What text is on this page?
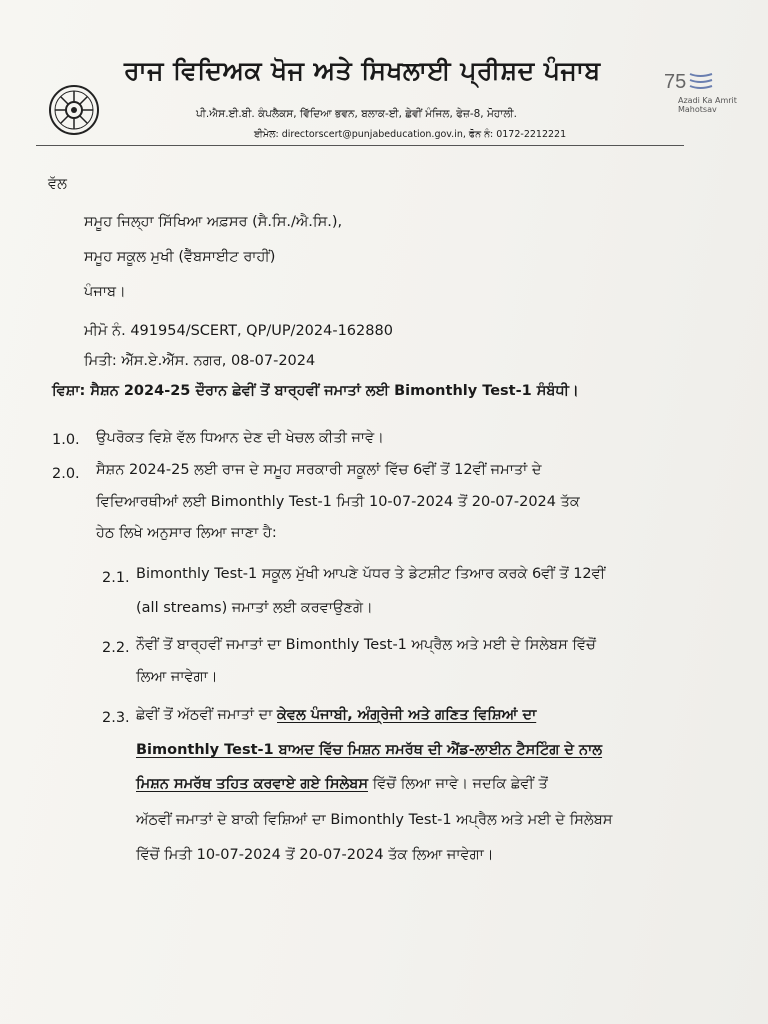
ਰਾਜ ਵਿਦਿਅਕ ਖੋਜ ਅਤੇ ਸਿਖਲਾਈ ਪ੍ਰੀਸ਼ਦ ਪੰਜਾਬ
ਪੀ.ਐਸ.ਈ.ਬੀ. ਕੰਪਲੈਕਸ, ਵਿੱਦਿਆ ਭਵਨ, ਬਲਾਕ-ਈ, ਛੇਵੀਂ ਮੰਜਿਲ, ਫੇਜ਼-8, ਮੋਹਾਲੀ.
ਈਮੇਲ: directorscert@punjabeducation.gov.in, ਫੋਨ ਨੰ: 0172-2212221
75
Azadi Ka Amrit Mahotsav
ਵੱਲ
ਸਮੂਹ ਜਿਲ੍ਹਾ ਸਿੱਖਿਆ ਅਫ਼ਸਰ (ਸੈ.ਸਿ./ਐ.ਸਿ.),
ਸਮੂਹ ਸਕੂਲ ਮੁਖੀ (ਵੈੱਬਸਾਈਟ ਰਾਹੀਂ)
ਪੰਜਾਬ।
ਮੀਮੋ ਨੰ. 491954/SCERT, QP/UP/2024-162880
ਮਿਤੀ: ਐੱਸ.ਏ.ਐੱਸ. ਨਗਰ, 08-07-2024
ਵਿਸ਼ਾ: ਸੈਸ਼ਨ 2024-25 ਦੌਰਾਨ ਛੇਵੀਂ ਤੋਂ ਬਾਰ੍ਹਵੀਂ ਜਮਾਤਾਂ ਲਈ Bimonthly Test-1 ਸੰਬੰਧੀ।
1.0. ਉਪਰੋਕਤ ਵਿਸ਼ੇ ਵੱਲ ਧਿਆਨ ਦੇਣ ਦੀ ਖੇਚਲ ਕੀਤੀ ਜਾਵੇ।
2.0. ਸੈਸ਼ਨ 2024-25 ਲਈ ਰਾਜ ਦੇ ਸਮੂਹ ਸਰਕਾਰੀ ਸਕੂਲਾਂ ਵਿੱਚ 6ਵੀਂ ਤੋਂ 12ਵੀਂ ਜਮਾਤਾਂ ਦੇ
ਵਿਦਿਆਰਥੀਆਂ ਲਈ Bimonthly Test-1 ਮਿਤੀ 10-07-2024 ਤੋਂ 20-07-2024 ਤੱਕ
ਹੇਠ ਲਿਖੇ ਅਨੁਸਾਰ ਲਿਆ ਜਾਣਾ ਹੈ:
2.1. Bimonthly Test-1 ਸਕੂਲ ਮੁੱਖੀ ਆਪਣੇ ਪੱਧਰ ਤੇ ਡੇਟਸ਼ੀਟ ਤਿਆਰ ਕਰਕੇ 6ਵੀਂ ਤੋਂ 12ਵੀਂ
(all streams) ਜਮਾਤਾਂ ਲਈ ਕਰਵਾਉਣਗੇ।
2.2. ਨੌਵੀਂ ਤੋਂ ਬਾਰ੍ਹਵੀਂ ਜਮਾਤਾਂ ਦਾ Bimonthly Test-1 ਅਪ੍ਰੈਲ ਅਤੇ ਮਈ ਦੇ ਸਿਲੇਬਸ ਵਿੱਚੋਂ
ਲਿਆ ਜਾਵੇਗਾ।
2.3. ਛੇਵੀਂ ਤੋਂ ਅੱਠਵੀਂ ਜਮਾਤਾਂ ਦਾ ਕੇਵਲ ਪੰਜਾਬੀ, ਅੰਗ੍ਰੇਜੀ ਅਤੇ ਗਣਿਤ ਵਿਸ਼ਿਆਂ ਦਾ
Bimonthly Test-1 ਬਾਅਦ ਵਿੱਚ ਮਿਸ਼ਨ ਸਮਰੱਥ ਦੀ ਐਂਡ-ਲਾਈਨ ਟੈਸਟਿੰਗ ਦੇ ਨਾਲ
ਮਿਸ਼ਨ ਸਮਰੱਥ ਤਹਿਤ ਕਰਵਾਏ ਗਏ ਸਿਲੇਬਸ ਵਿੱਚੋਂ ਲਿਆ ਜਾਵੇ। ਜਦਕਿ ਛੇਵੀਂ ਤੋਂ
ਅੱਠਵੀਂ ਜਮਾਤਾਂ ਦੇ ਬਾਕੀ ਵਿਸ਼ਿਆਂ ਦਾ Bimonthly Test-1 ਅਪ੍ਰੈਲ ਅਤੇ ਮਈ ਦੇ ਸਿਲੇਬਸ
ਵਿੱਚੋਂ ਮਿਤੀ 10-07-2024 ਤੋਂ 20-07-2024 ਤੱਕ ਲਿਆ ਜਾਵੇਗਾ।
